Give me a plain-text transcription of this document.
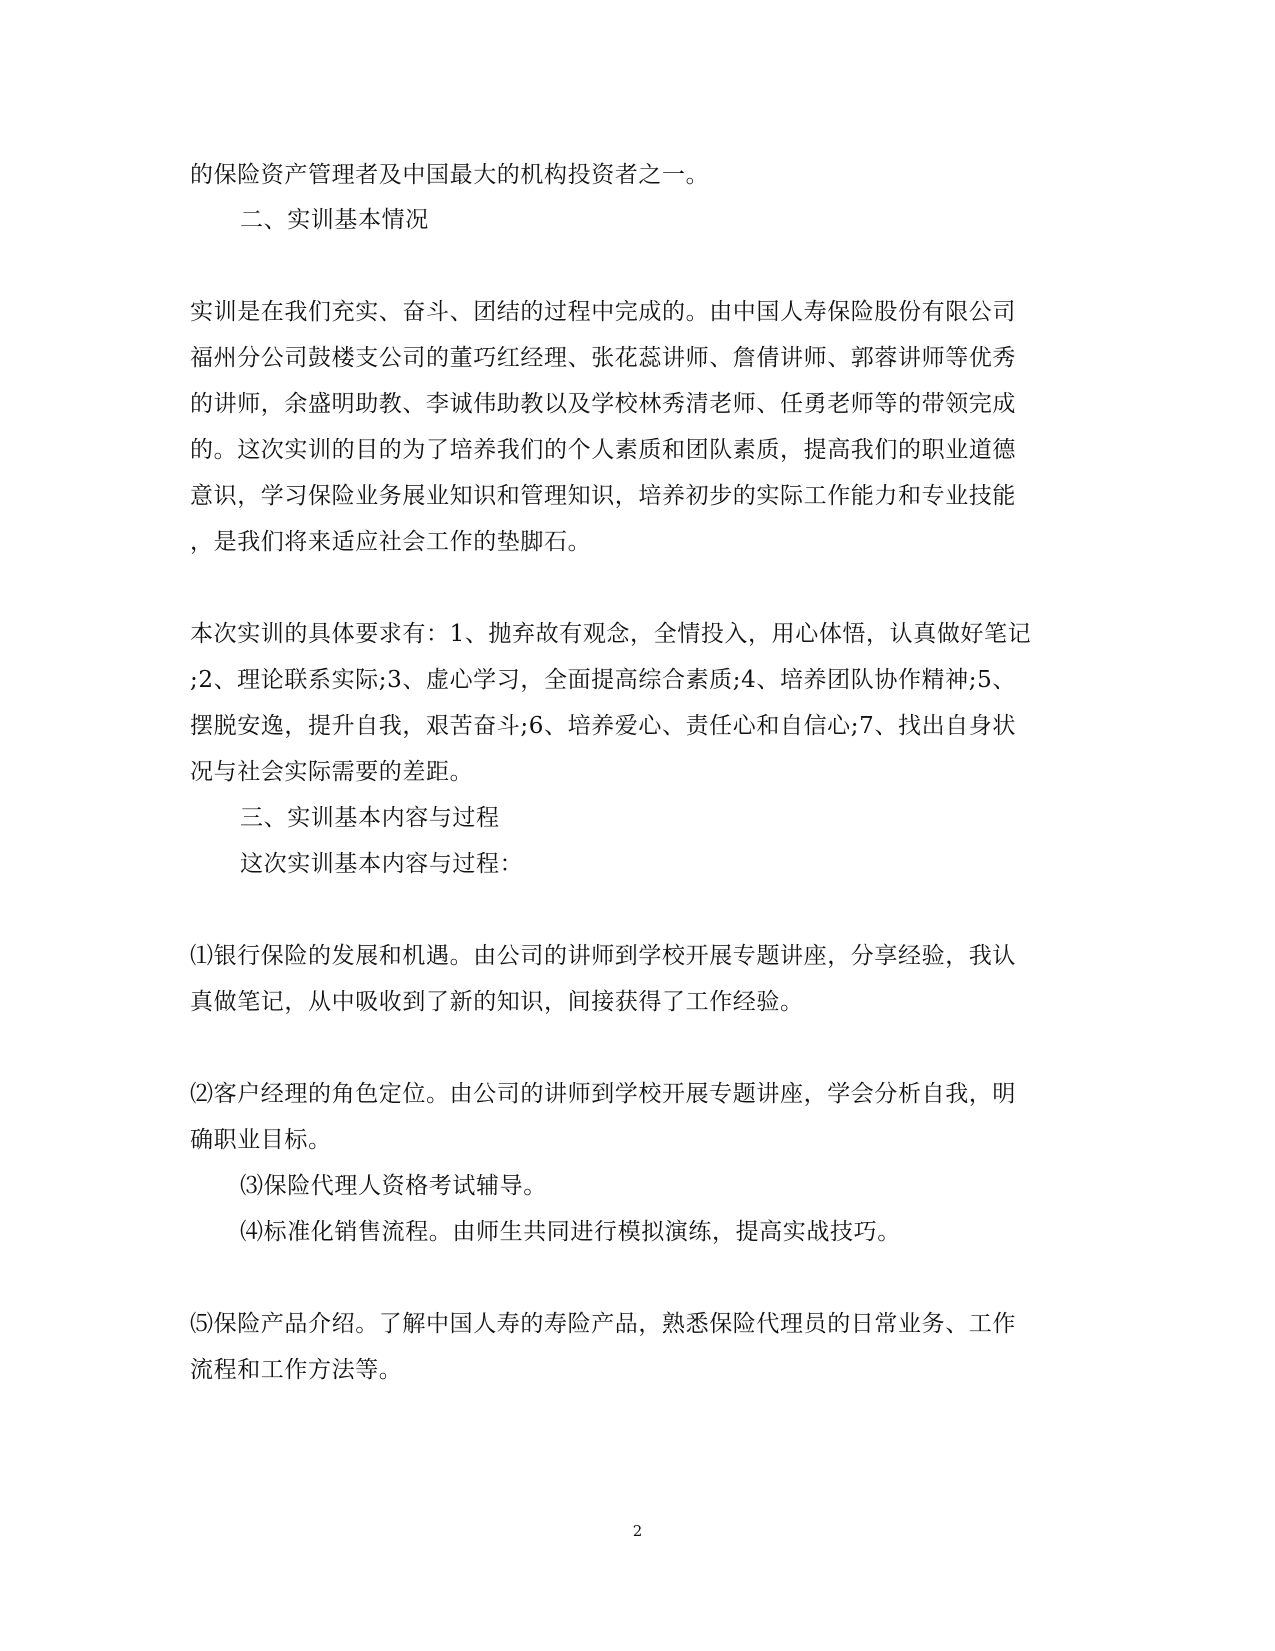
的保险资产管理者及中国最大的机构投资者之一。
二、实训基本情况
实训是在我们充实、奋斗、团结的过程中完成的。由中国人寿保险股份有限公司
福州分公司鼓楼支公司的董巧红经理、张花蕊讲师、詹倩讲师、郭蓉讲师等优秀
的讲师，余盛明助教、李诚伟助教以及学校林秀清老师、任勇老师等的带领完成
的。这次实训的目的为了培养我们的个人素质和团队素质，提高我们的职业道德
意识，学习保险业务展业知识和管理知识，培养初步的实际工作能力和专业技能
，是我们将来适应社会工作的垫脚石。
本次实训的具体要求有：1、抛弃故有观念，全情投入，用心体悟，认真做好笔记
;2、理论联系实际;3、虚心学习，全面提高综合素质;4、培养团队协作精神;5、
摆脱安逸，提升自我，艰苦奋斗;6、培养爱心、责任心和自信心;7、找出自身状
况与社会实际需要的差距。
三、实训基本内容与过程
这次实训基本内容与过程：
⑴银行保险的发展和机遇。由公司的讲师到学校开展专题讲座，分享经验，我认
真做笔记，从中吸收到了新的知识，间接获得了工作经验。
⑵客户经理的角色定位。由公司的讲师到学校开展专题讲座，学会分析自我，明
确职业目标。
⑶保险代理人资格考试辅导。
⑷标准化销售流程。由师生共同进行模拟演练，提高实战技巧。
⑸保险产品介绍。了解中国人寿的寿险产品，熟悉保险代理员的日常业务、工作
流程和工作方法等。
2
